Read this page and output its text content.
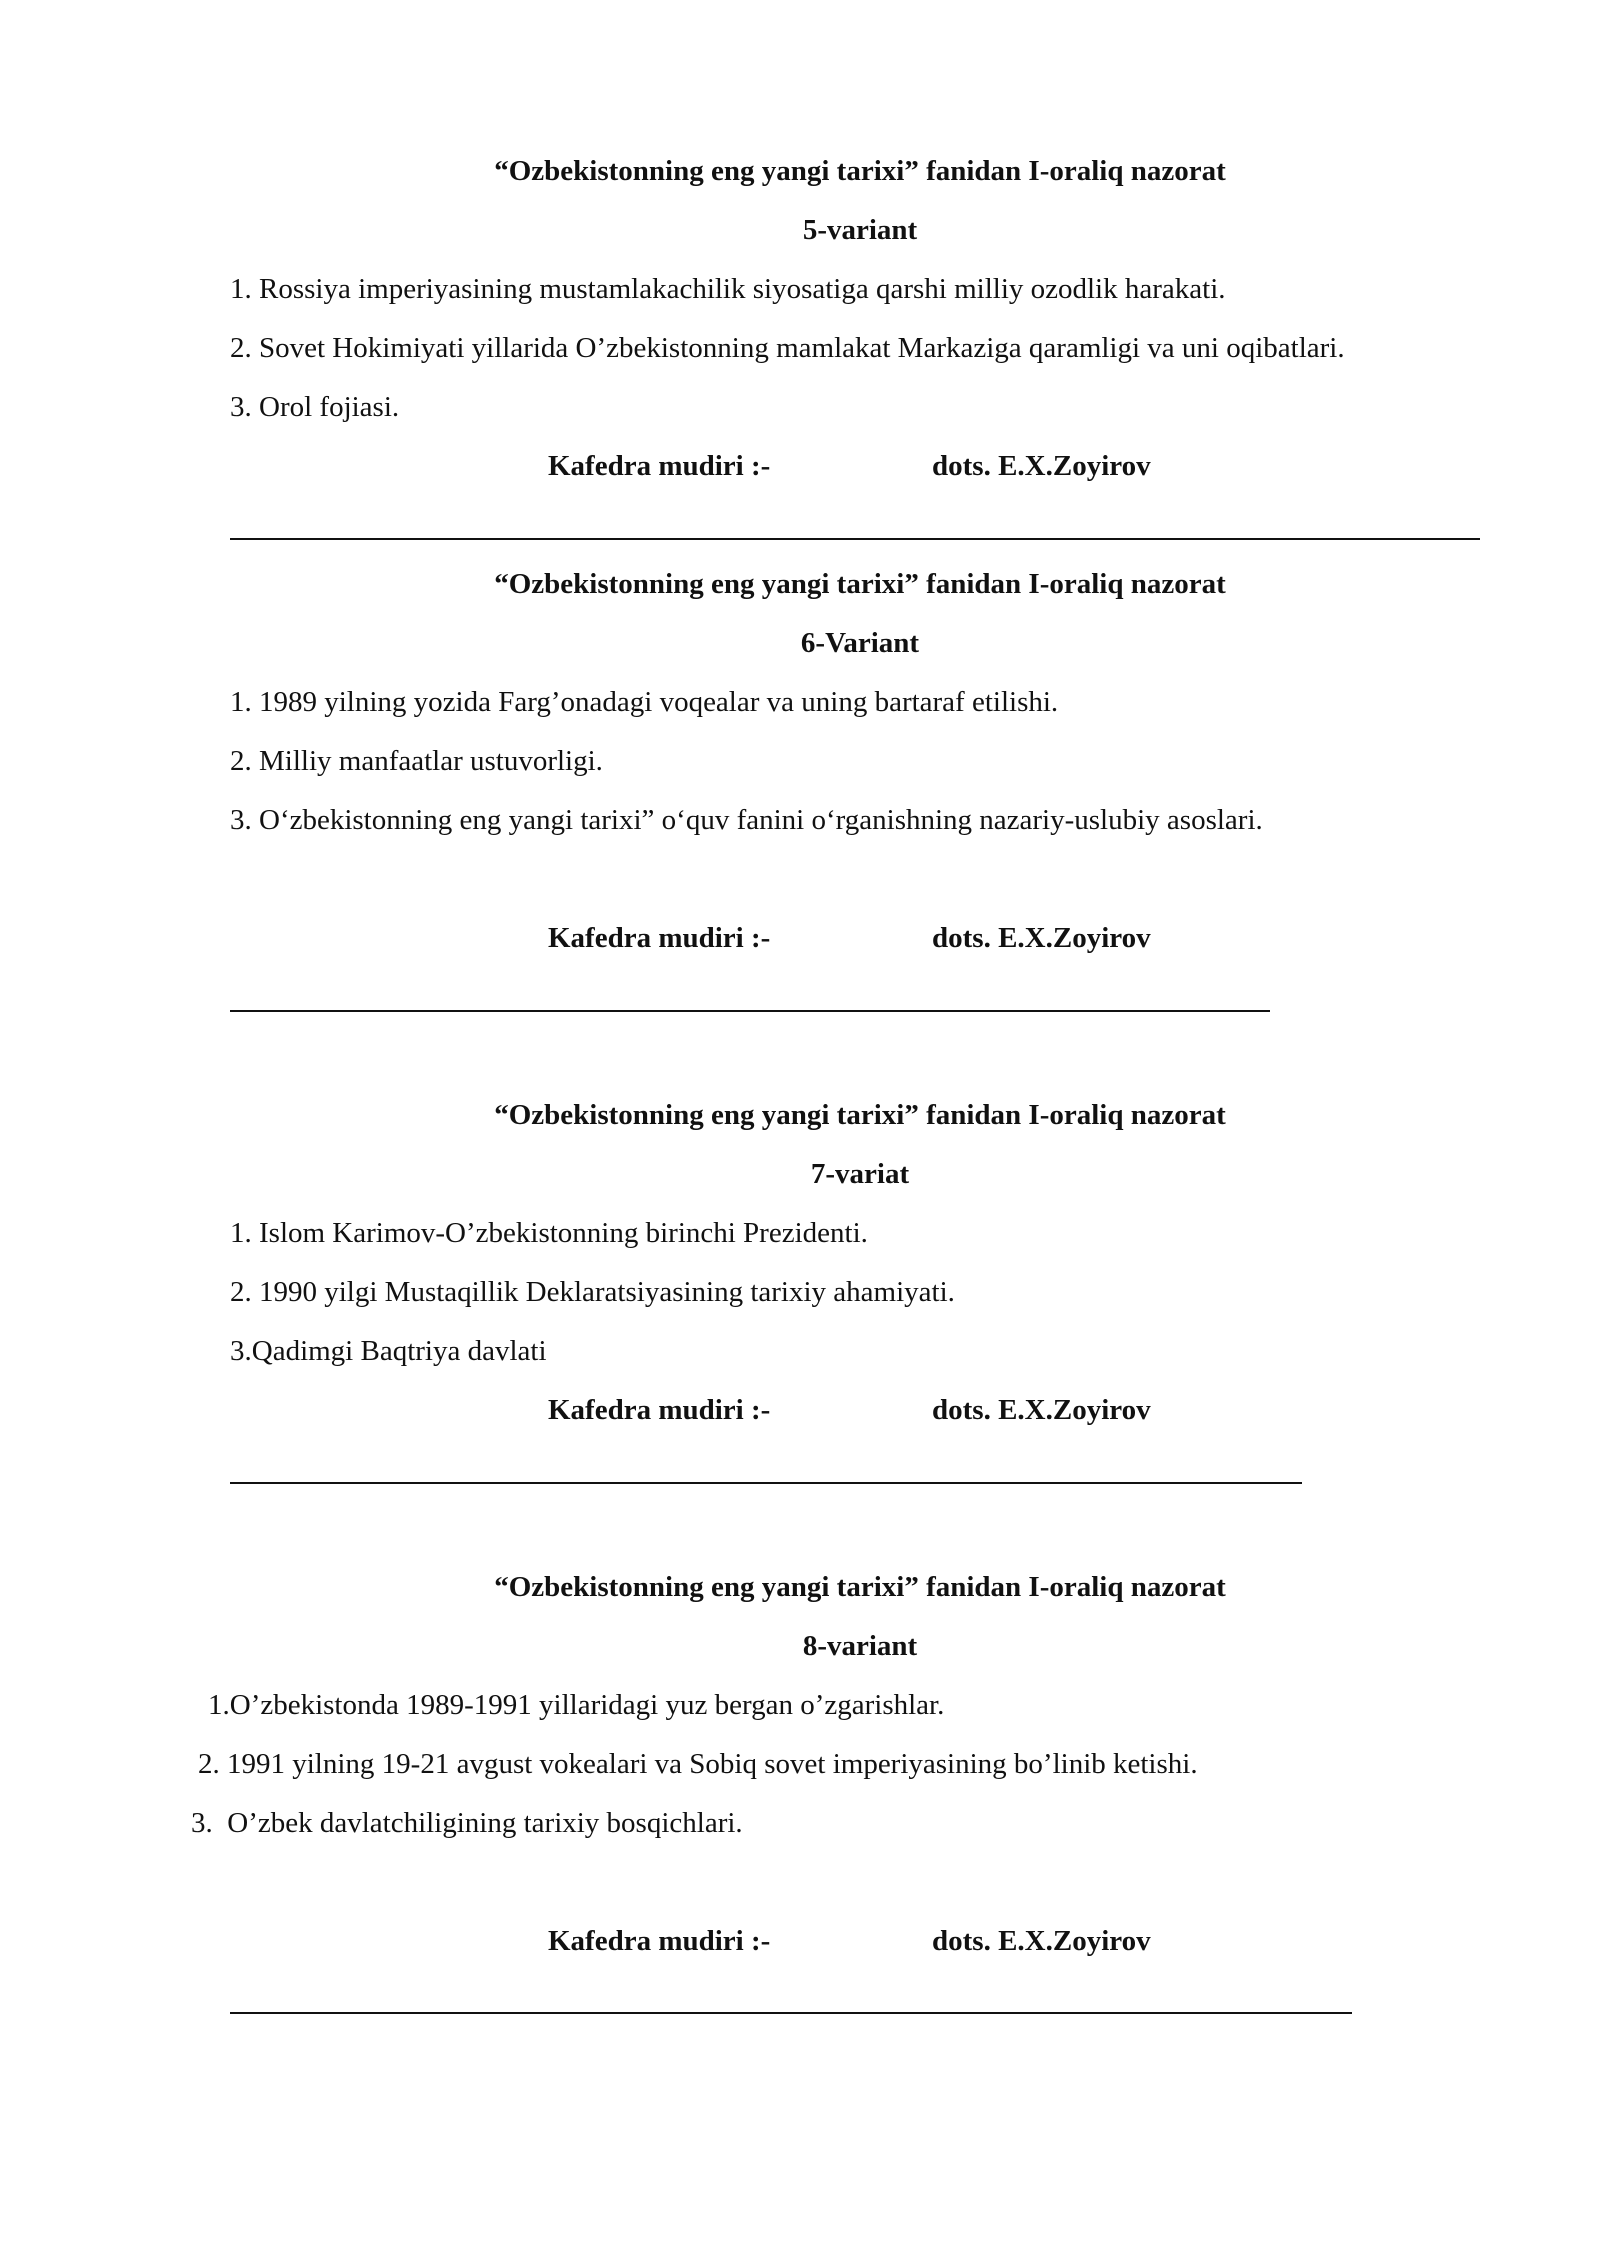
“Ozbekistonning eng yangi tarixi” fanidan I-oraliq nazorat
5-variant
1. Rossiya imperiyasining mustamlakachilik siyosatiga qarshi milliy ozodlik harakati.
2. Sovet Hokimiyati yillarida O’zbekistonning mamlakat Markaziga qaramligi va uni oqibatlari.
3. Orol fojiasi.
Kafedra mudiri :-	dots. E.X.Zoyirov
“Ozbekistonning eng yangi tarixi” fanidan I-oraliq nazorat
6-Variant
1. 1989 yilning yozida Farg’onadagi voqealar va uning bartaraf etilishi.
2. Milliy manfaatlar ustuvorligi.
3. O‘zbekistonning eng yangi tarixi” o‘quv fanini o‘rganishning nazariy-uslubiy asoslari.
Kafedra mudiri :-	dots. E.X.Zoyirov
“Ozbekistonning eng yangi tarixi” fanidan I-oraliq nazorat
7-variat
1. Islom Karimov-O’zbekistonning birinchi Prezidenti.
2. 1990 yilgi Mustaqillik Deklaratsiyasining tarixiy ahamiyati.
3.Qadimgi Baqtriya davlati
Kafedra mudiri :-	dots. E.X.Zoyirov
“Ozbekistonning eng yangi tarixi” fanidan I-oraliq nazorat
8-variant
1.O’zbekistonda 1989-1991 yillaridagi yuz bergan o’zgarishlar.
2. 1991 yilning 19-21 avgust vokealari va Sobiq sovet imperiyasining bo’linib ketishi.
3.  O’zbek davlatchiligining tarixiy bosqichlari.
Kafedra mudiri :-	dots. E.X.Zoyirov
